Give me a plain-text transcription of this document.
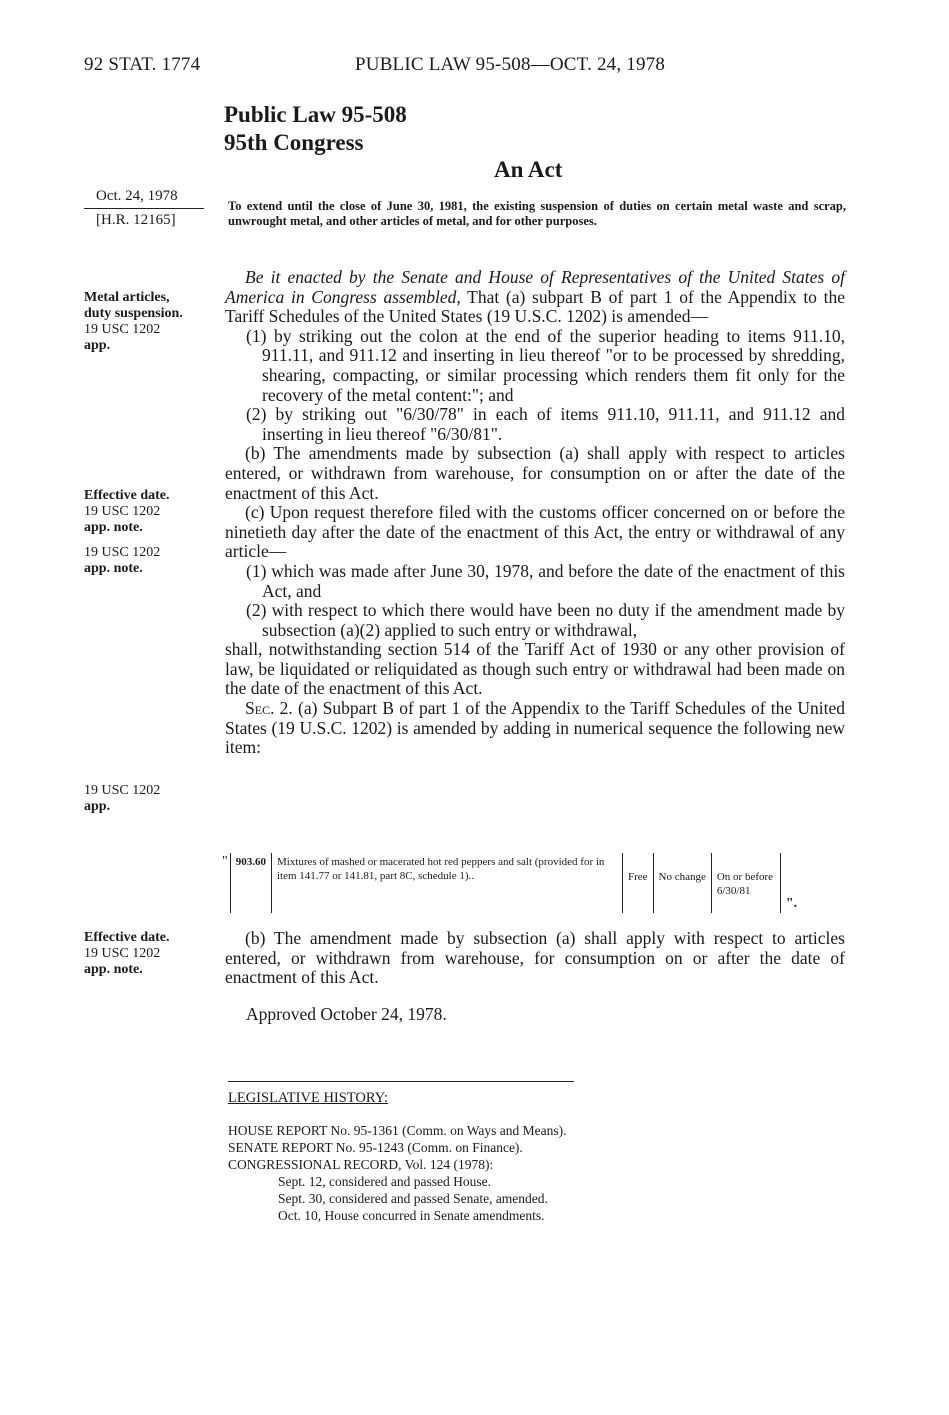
92 STAT. 1774	PUBLIC LAW 95-508—OCT. 24, 1978
Public Law 95-508
95th Congress
An Act
Oct. 24, 1978
[H.R. 12165]
To extend until the close of June 30, 1981, the existing suspension of duties on certain metal waste and scrap, unwrought metal, and other articles of metal, and for other purposes.
Metal articles,
duty suspension.
19 USC 1202
app.
Effective date.
19 USC 1202
app. note.
19 USC 1202
app. note.
19 USC 1202
app.
Effective date.
19 USC 1202
app. note.

Be it enacted by the Senate and House of Representatives of the United States of America in Congress assembled, That (a) subpart B of part 1 of the Appendix to the Tariff Schedules of the United States (19 U.S.C. 1202) is amended—

(1) by striking out the colon at the end of the superior heading to items 911.10, 911.11, and 911.12 and inserting in lieu thereof "or to be processed by shredding, shearing, compacting, or similar processing which renders them fit only for the recovery of the metal content:"; and

(2) by striking out "6/30/78" in each of items 911.10, 911.11, and 911.12 and inserting in lieu thereof "6/30/81".

(b) The amendments made by subsection (a) shall apply with respect to articles entered, or withdrawn from warehouse, for consumption on or after the date of the enactment of this Act.

(c) Upon request therefore filed with the customs officer concerned on or before the ninetieth day after the date of the enactment of this Act, the entry or withdrawal of any article—

(1) which was made after June 30, 1978, and before the date of the enactment of this Act, and

(2) with respect to which there would have been no duty if the amendment made by subsection (a)(2) applied to such entry or withdrawal,

shall, notwithstanding section 514 of the Tariff Act of 1930 or any other provision of law, be liquidated or reliquidated as though such entry or withdrawal had been made on the date of the enactment of this Act.

Sec. 2. (a) Subpart B of part 1 of the Appendix to the Tariff Schedules of the United States (19 U.S.C. 1202) is amended by adding in numerical sequence the following new item:

"	903.60	Mixtures of mashed or macerated hot red peppers and salt (provided for in item 141.77 or 141.81, part 8C, schedule 1)..	Free	No change	On or before 6/30/81	".

(b) The amendment made by subsection (a) shall apply with respect to articles entered, or withdrawn from warehouse, for consumption on or after the date of enactment of this Act.

Approved October 24, 1978.
LEGISLATIVE HISTORY:
HOUSE REPORT No. 95-1361 (Comm. on Ways and Means).
SENATE REPORT No. 95-1243 (Comm. on Finance).
CONGRESSIONAL RECORD, Vol. 124 (1978):
Sept. 12, considered and passed House.
Sept. 30, considered and passed Senate, amended.
Oct. 10, House concurred in Senate amendments.
